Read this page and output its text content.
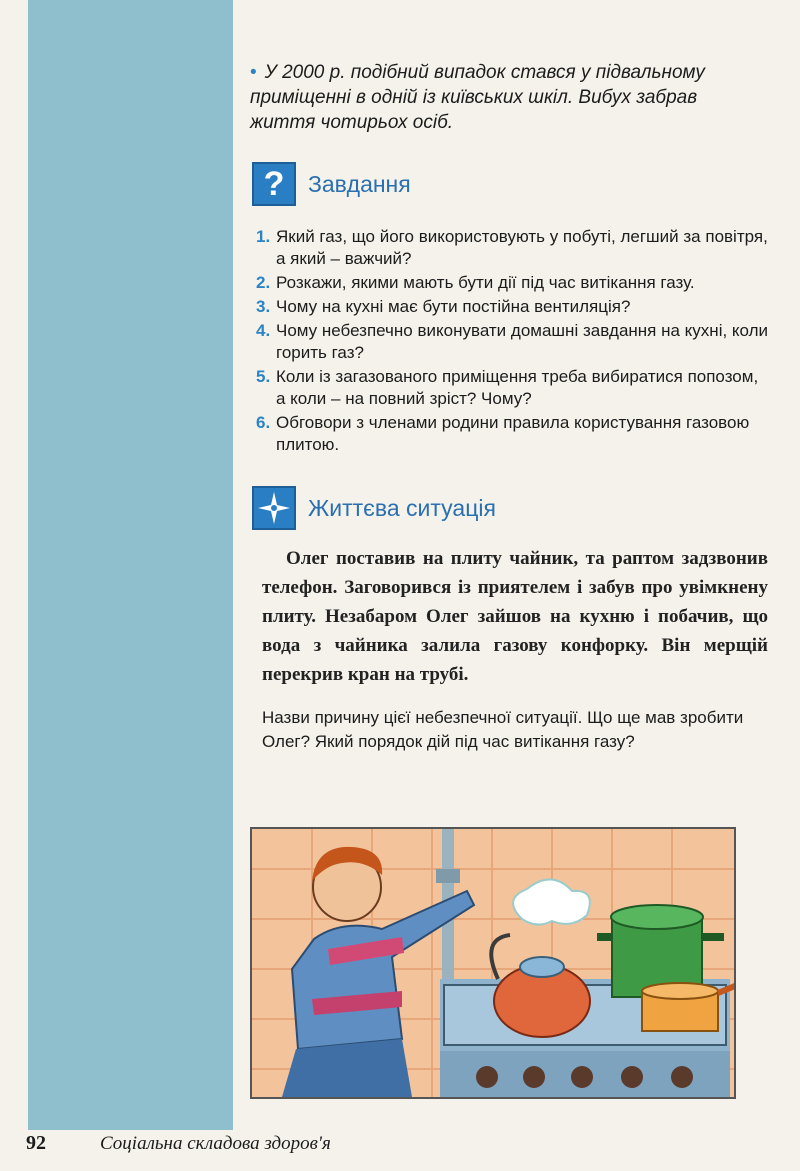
• У 2000 р. подібний випадок стався у підвальному приміщенні в одній із київських шкіл. Вибух забрав життя чотирьох осіб.
?	Завдання
1. Який газ, що його використовують у побуті, легший за повітря, а який – важчий?
2. Розкажи, якими мають бути дії під час витікання газу.
3. Чому на кухні має бути постійна вентиляція?
4. Чому небезпечно виконувати домашні завдання на кухні, коли горить газ?
5. Коли із загазованого приміщення треба вибиратися попозом, а коли – на повний зріст? Чому?
6. Обговори з членами родини правила користування газовою плитою.
Життєва ситуація
Олег поставив на плиту чайник, та раптом задзвонив телефон. Заговорився із приятелем і забув про увімкнену плиту. Незабаром Олег зайшов на кухню і побачив, що вода з чайника залила газову конфорку. Він мерщій перекрив кран на трубі.
Назви причину цієї небезпечної ситуації. Що ще мав зробити Олег? Який порядок дій під час витікання газу?
92	Соціальна складова здоров'я
